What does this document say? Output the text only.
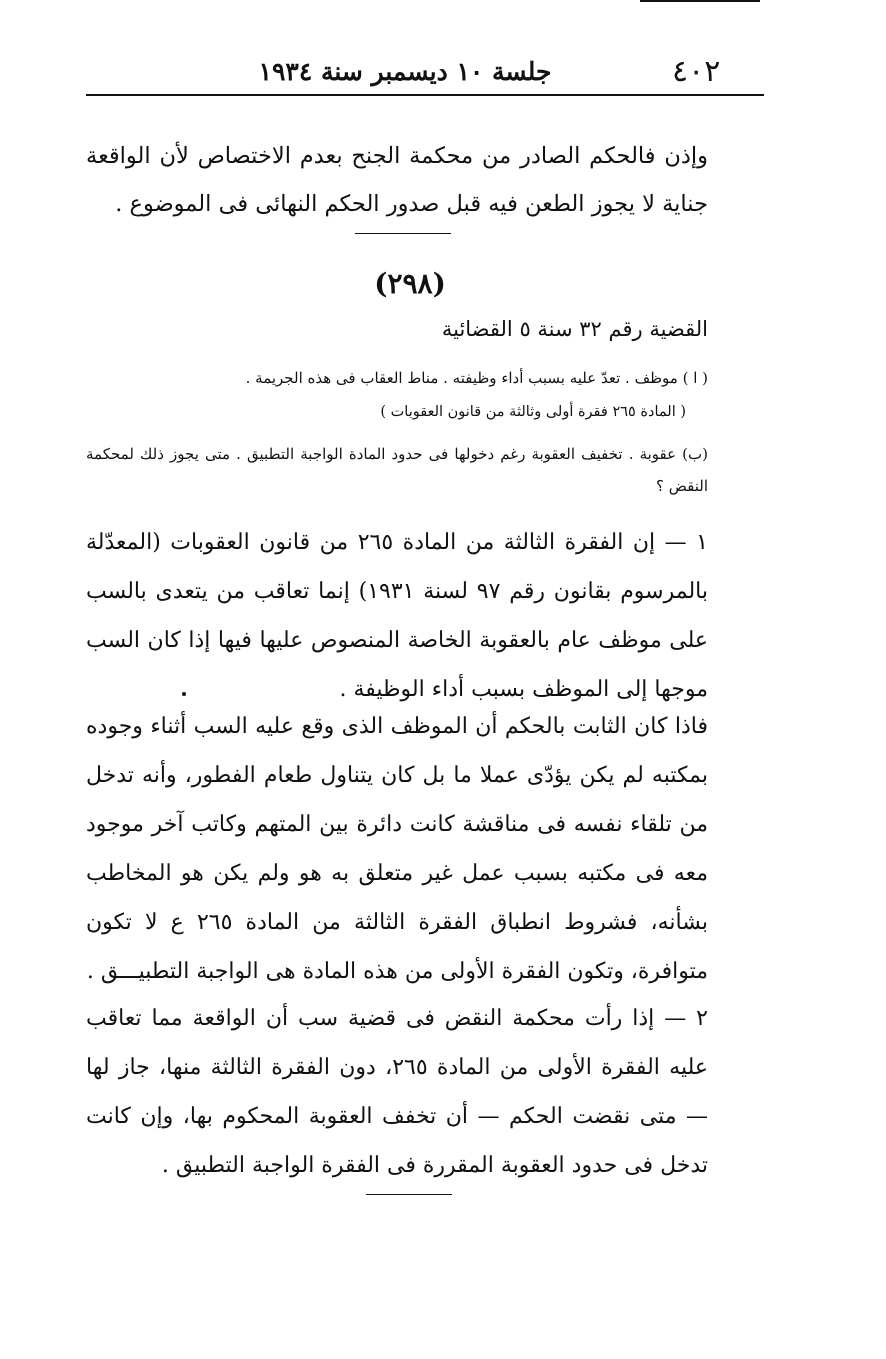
٤٠٢
جلسة ١٠ ديسمبر سنة ١٩٣٤
وإذن فالحكم الصادر من محكمة الجنح بعدم الاختصاص لأن الواقعة جناية لا يجوز الطعن فيه قبل صدور الحكم النهائى فى الموضوع .
(٢٩٨)
القضية رقم ٣٢ سنة ٥ القضائية
( ا ) موظف . تعدّ عليه بسبب أداء وظيفته . مناط العقاب فى هذه الجريمة .
( المادة ٢٦٥ فقرة أولى وثالثة من قانون العقوبات )
(ب) عقوبة . تخفيف العقوبة رغم دخولها فى حدود المادة الواجبة التطبيق . متى يجوز ذلك لمحكمة النقض ؟
١ — إن الفقرة الثالثة من المادة ٢٦٥ من قانون العقوبات (المعدّلة بالمرسوم بقانون رقم ٩٧ لسنة ١٩٣١) إنما تعاقب من يتعدى بالسب على موظف عام بالعقوبة الخاصة المنصوص عليها فيها إذا كان السب موجها إلى الموظف بسبب أداء الوظيفة .
فاذا كان الثابت بالحكم أن الموظف الذى وقع عليه السب أثناء وجوده بمكتبه لم يكن يؤدّى عملا ما بل كان يتناول طعام الفطور، وأنه تدخل من تلقاء نفسه فى مناقشة كانت دائرة بين المتهم وكاتب آخر موجود معه فى مكتبه بسبب عمل غير متعلق به هو ولم يكن هو المخاطب بشأنه، فشروط انطباق الفقرة الثالثة من المادة ٢٦٥ ع لا تكون متوافرة، وتكون الفقرة الأولى من هذه المادة هى الواجبة التطبيـــق .
٢ — إذا رأت محكمة النقض فى قضية سب أن الواقعة مما تعاقب عليه الفقرة الأولى من المادة ٢٦٥، دون الفقرة الثالثة منها، جاز لها — متى نقضت الحكم — أن تخفف العقوبة المحكوم بها، وإن كانت تدخل فى حدود العقوبة المقررة فى الفقرة الواجبة التطبيق .
